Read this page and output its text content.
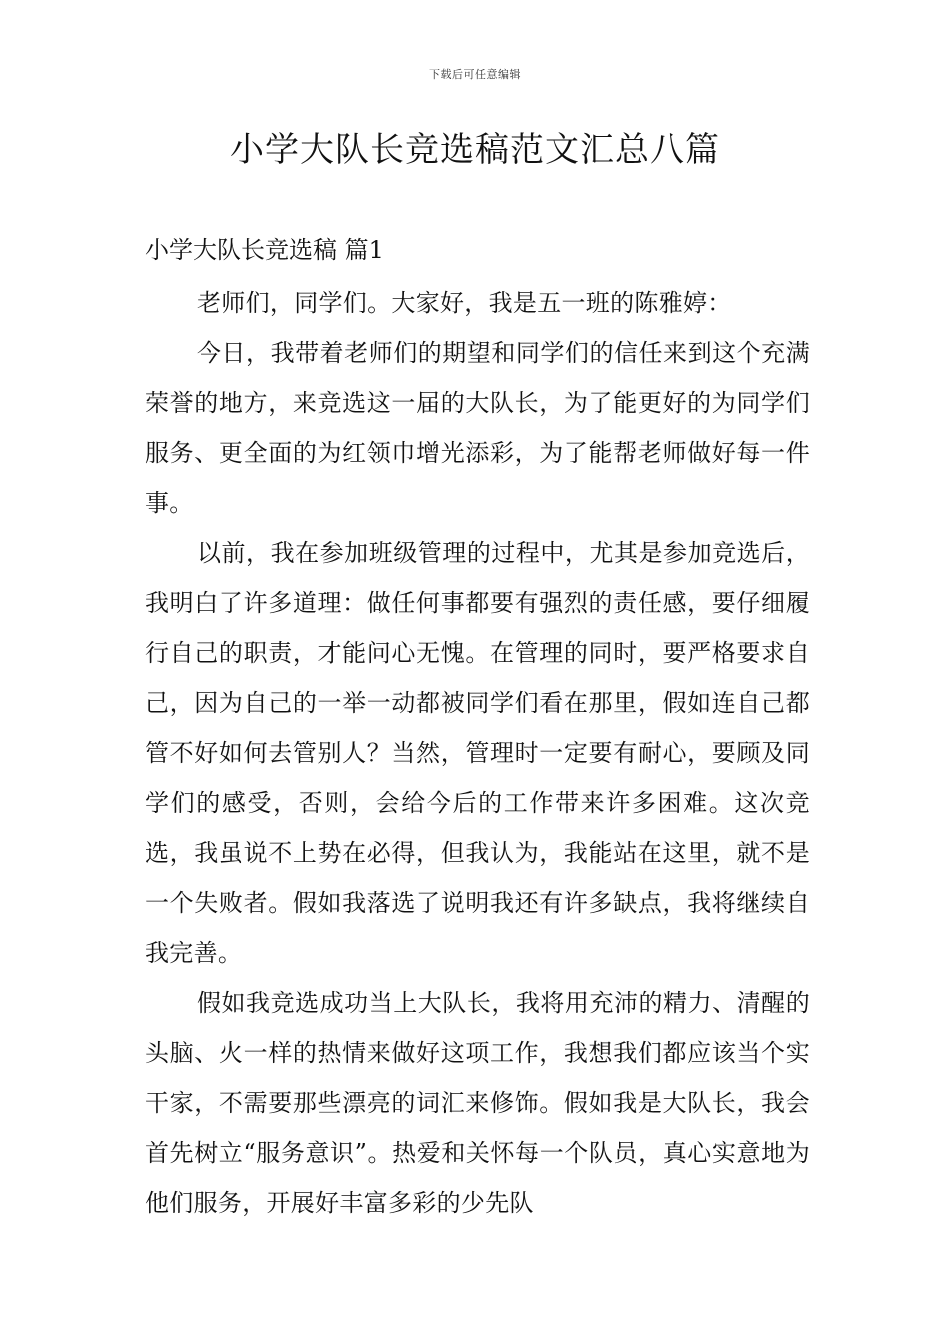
下载后可任意编辑
小学大队长竞选稿范文汇总八篇
小学大队长竞选稿 篇1

老师们，同学们。大家好，我是五一班的陈雅婷：

今日，我带着老师们的期望和同学们的信任来到这个充满荣誉的地方，来竞选这一届的大队长，为了能更好的为同学们服务、更全面的为红领巾增光添彩，为了能帮老师做好每一件事。

以前，我在参加班级管理的过程中，尤其是参加竞选后，我明白了许多道理：做任何事都要有强烈的责任感，要仔细履行自己的职责，才能问心无愧。在管理的同时，要严格要求自己，因为自己的一举一动都被同学们看在那里，假如连自己都管不好如何去管别人？当然，管理时一定要有耐心，要顾及同学们的感受，否则，会给今后的工作带来许多困难。这次竞选，我虽说不上势在必得，但我认为，我能站在这里，就不是一个失败者。假如我落选了说明我还有许多缺点，我将继续自我完善。

假如我竞选成功当上大队长，我将用充沛的精力、清醒的头脑、火一样的热情来做好这项工作，我想我们都应该当个实干家，不需要那些漂亮的词汇来修饰。假如我是大队长，我会首先树立“服务意识”。热爱和关怀每一个队员，真心实意地为他们服务，开展好丰富多彩的少先队
